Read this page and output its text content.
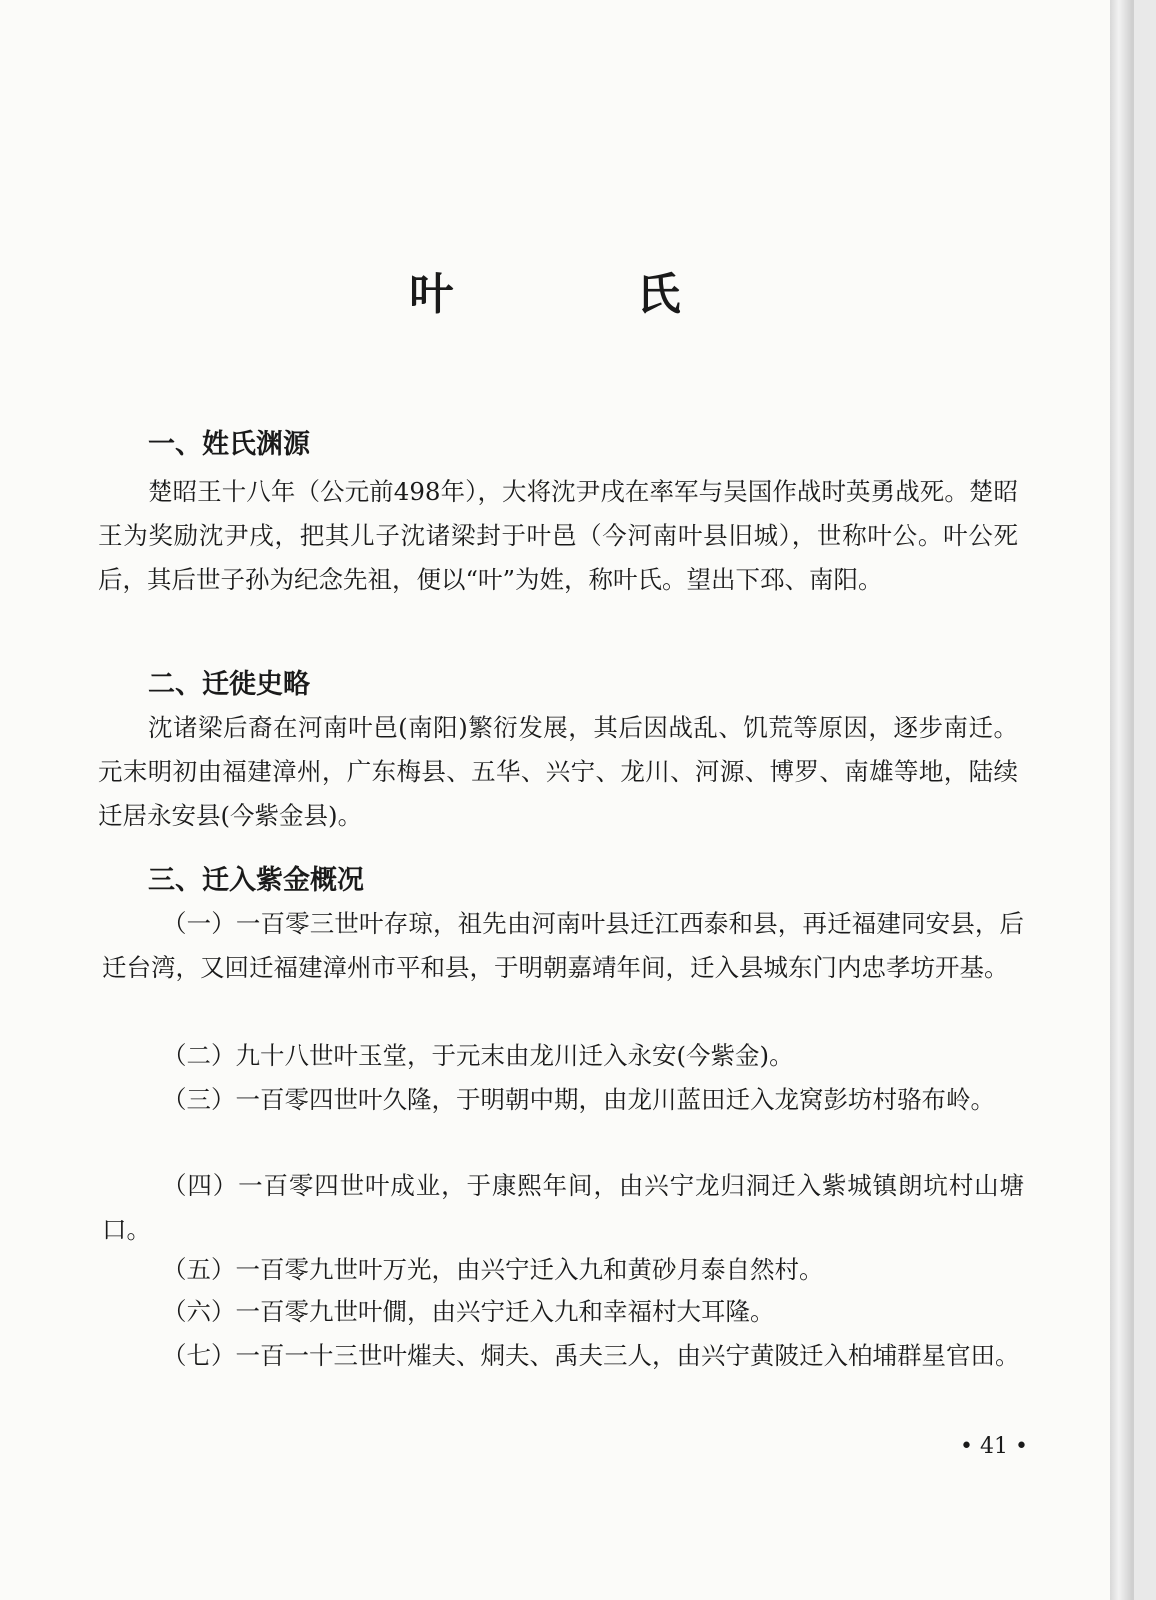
叶 氏
一、姓氏渊源
楚昭王十八年（公元前498年），大将沈尹戌在率军与吴国作战时英勇战死。楚昭王为奖励沈尹戌，把其儿子沈诸梁封于叶邑（今河南叶县旧城），世称叶公。叶公死后，其后世子孙为纪念先祖，便以“叶”为姓，称叶氏。望出下邳、南阳。
二、迁徙史略
沈诸梁后裔在河南叶邑(南阳)繁衍发展，其后因战乱、饥荒等原因，逐步南迁。元末明初由福建漳州，广东梅县、五华、兴宁、龙川、河源、博罗、南雄等地，陆续迁居永安县(今紫金县)。
三、迁入紫金概况
（一）一百零三世叶存琼，祖先由河南叶县迁江西泰和县，再迁福建同安县，后迁台湾，又回迁福建漳州市平和县，于明朝嘉靖年间，迁入县城东门内忠孝坊开基。
（二）九十八世叶玉堂，于元末由龙川迁入永安(今紫金)。
（三）一百零四世叶久隆，于明朝中期，由龙川蓝田迁入龙窝彭坊村骆布岭。
（四）一百零四世叶成业，于康熙年间，由兴宁龙归洞迁入紫城镇朗坑村山塘口。
（五）一百零九世叶万光，由兴宁迁入九和黄砂月泰自然村。
（六）一百零九世叶僩，由兴宁迁入九和幸福村大耳隆。
（七）一百一十三世叶熣夫、烔夫、禹夫三人，由兴宁黄陂迁入柏埔群星官田。
• 41 •
